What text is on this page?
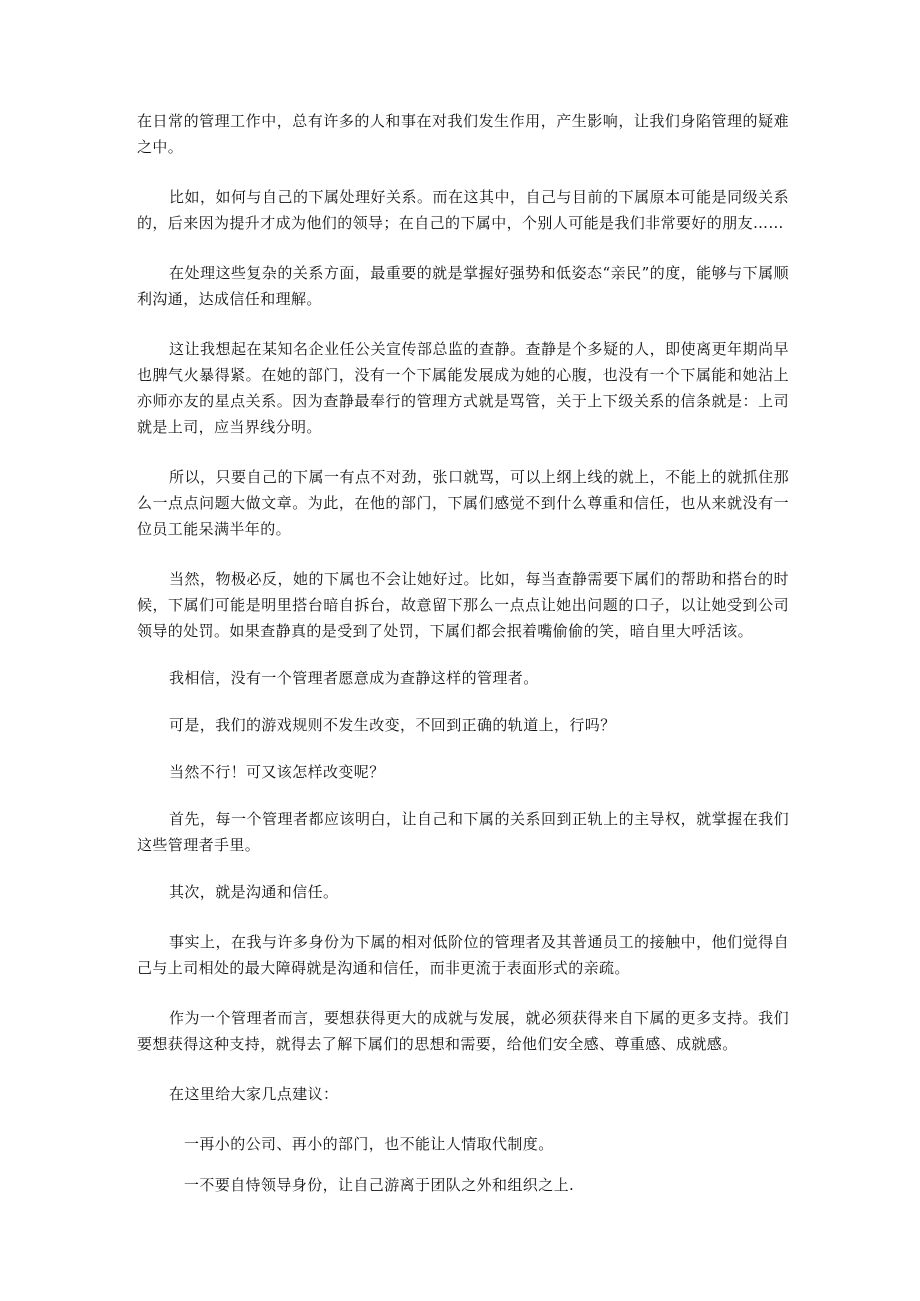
在日常的管理工作中，总有许多的人和事在对我们发生作用，产生影响，让我们身陷管理的疑难之中。

比如，如何与自己的下属处理好关系。而在这其中，自己与目前的下属原本可能是同级关系的，后来因为提升才成为他们的领导；在自己的下属中，个别人可能是我们非常要好的朋友……

在处理这些复杂的关系方面，最重要的就是掌握好强势和低姿态“亲民”的度，能够与下属顺利沟通，达成信任和理解。

这让我想起在某知名企业任公关宣传部总监的查静。查静是个多疑的人，即使离更年期尚早也脾气火暴得紧。在她的部门，没有一个下属能发展成为她的心腹，也没有一个下属能和她沾上亦师亦友的星点关系。因为查静最奉行的管理方式就是骂管，关于上下级关系的信条就是：上司就是上司，应当界线分明。

所以，只要自己的下属一有点不对劲，张口就骂，可以上纲上线的就上，不能上的就抓住那么一点点问题大做文章。为此，在他的部门，下属们感觉不到什么尊重和信任，也从来就没有一位员工能呆满半年的。

当然，物极必反，她的下属也不会让她好过。比如，每当查静需要下属们的帮助和搭台的时候，下属们可能是明里搭台暗自拆台，故意留下那么一点点让她出问题的口子，以让她受到公司领导的处罚。如果查静真的是受到了处罚，下属们都会抿着嘴偷偷的笑，暗自里大呼活该。

我相信，没有一个管理者愿意成为查静这样的管理者。

可是，我们的游戏规则不发生改变，不回到正确的轨道上，行吗？

当然不行！可又该怎样改变呢？

首先，每一个管理者都应该明白，让自己和下属的关系回到正轨上的主导权，就掌握在我们这些管理者手里。

其次，就是沟通和信任。

事实上，在我与许多身份为下属的相对低阶位的管理者及其普通员工的接触中，他们觉得自己与上司相处的最大障碍就是沟通和信任，而非更流于表面形式的亲疏。

作为一个管理者而言，要想获得更大的成就与发展，就必须获得来自下属的更多支持。我们要想获得这种支持，就得去了解下属们的思想和需要，给他们安全感、尊重感、成就感。

在这里给大家几点建议：

一再小的公司、再小的部门，也不能让人情取代制度。

一不要自恃领导身份，让自己游离于团队之外和组织之上.
